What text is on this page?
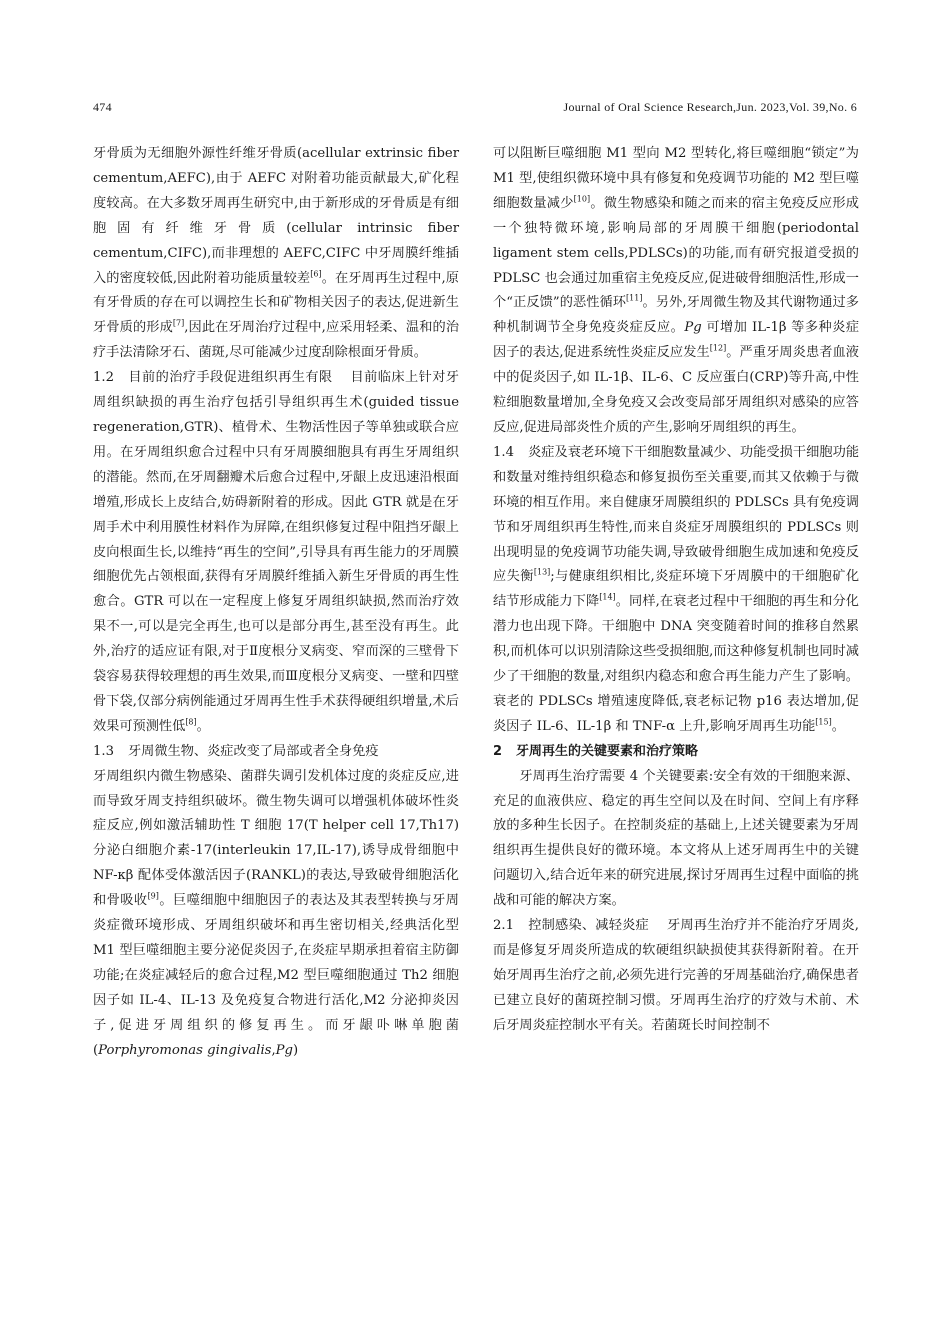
474	Journal of Oral Science Research,Jun. 2023,Vol. 39,No. 6

牙骨质为无细胞外源性纤维牙骨质(acellular extrinsic fiber cementum,AEFC),由于 AEFC 对附着功能贡献最大,矿化程度较高。在大多数牙周再生研究中,由于新形成的牙骨质是有细胞固有纤维牙骨质(cellular intrinsic fiber cementum,CIFC),而非理想的 AEFC,CIFC 中牙周膜纤维插入的密度较低,因此附着功能质量较差[6]。在牙周再生过程中,原有牙骨质的存在可以调控生长和矿物相关因子的表达,促进新生牙骨质的形成[7],因此在牙周治疗过程中,应采用轻柔、温和的治疗手法清除牙石、菌斑,尽可能减少过度刮除根面牙骨质。

1.2 目前的治疗手段促进组织再生有限 目前临床上针对牙周组织缺损的再生治疗包括引导组织再生术(guided tissue regeneration,GTR)、植骨术、生物活性因子等单独或联合应用。在牙周组织愈合过程中只有牙周膜细胞具有再生牙周组织的潜能。然而,在牙周翻瓣术后愈合过程中,牙龈上皮迅速沿根面增殖,形成长上皮结合,妨碍新附着的形成。因此 GTR 就是在牙周手术中利用膜性材料作为屏障,在组织修复过程中阻挡牙龈上皮向根面生长,以维持“再生的空间”,引导具有再生能力的牙周膜细胞优先占领根面,获得有牙周膜纤维插入新生牙骨质的再生性愈合。GTR 可以在一定程度上修复牙周组织缺损,然而治疗效果不一,可以是完全再生,也可以是部分再生,甚至没有再生。此外,治疗的适应证有限,对于Ⅱ度根分叉病变、窄而深的三壁骨下袋容易获得较理想的再生效果,而Ⅲ度根分叉病变、一壁和四壁骨下袋,仅部分病例能通过牙周再生性手术获得硬组织增量,术后效果可预测性低[8]。

1.3 牙周微生物、炎症改变了局部或者全身免疫

牙周组织内微生物感染、菌群失调引发机体过度的炎症反应,进而导致牙周支持组织破坏。微生物失调可以增强机体破坏性炎症反应,例如激活辅助性 T 细胞 17(T helper cell 17,Th17)分泌白细胞介素-17(interleukin 17,IL-17),诱导成骨细胞中 NF-κβ 配体受体激活因子(RANKL)的表达,导致破骨细胞活化和骨吸收[9]。巨噬细胞中细胞因子的表达及其表型转换与牙周炎症微环境形成、牙周组织破坏和再生密切相关,经典活化型 M1 型巨噬细胞主要分泌促炎因子,在炎症早期承担着宿主防御功能;在炎症减轻后的愈合过程,M2 型巨噬细胞通过 Th2 细胞因子如 IL-4、IL-13 及免疫复合物进行活化,M2 分泌抑炎因子,促进牙周组织的修复再生。而牙龈卟啉单胞菌(Porphyromonas gingivalis,Pg)

可以阻断巨噬细胞 M1 型向 M2 型转化,将巨噬细胞“锁定”为 M1 型,使组织微环境中具有修复和免疫调节功能的 M2 型巨噬细胞数量减少[10]。微生物感染和随之而来的宿主免疫反应形成一个独特微环境,影响局部的牙周膜干细胞(periodontal ligament stem cells,PDLSCs)的功能,而有研究报道受损的 PDLSC 也会通过加重宿主免疫反应,促进破骨细胞活性,形成一个“正反馈”的恶性循环[11]。另外,牙周微生物及其代谢物通过多种机制调节全身免疫炎症反应。Pg 可增加 IL-1β 等多种炎症因子的表达,促进系统性炎症反应发生[12]。严重牙周炎患者血液中的促炎因子,如 IL-1β、IL-6、C 反应蛋白(CRP)等升高,中性粒细胞数量增加,全身免疫又会改变局部牙周组织对感染的应答反应,促进局部炎性介质的产生,影响牙周组织的再生。

1.4 炎症及衰老环境下干细胞数量减少、功能受损干细胞功能和数量对维持组织稳态和修复损伤至关重要,而其又依赖于与微环境的相互作用。来自健康牙周膜组织的 PDLSCs 具有免疫调节和牙周组织再生特性,而来自炎症牙周膜组织的 PDLSCs 则出现明显的免疫调节功能失调,导致破骨细胞生成加速和免疫反应失衡[13];与健康组织相比,炎症环境下牙周膜中的干细胞矿化结节形成能力下降[14]。同样,在衰老过程中干细胞的再生和分化潜力也出现下降。干细胞中 DNA 突变随着时间的推移自然累积,而机体可以识别清除这些受损细胞,而这种修复机制也同时减少了干细胞的数量,对组织内稳态和愈合再生能力产生了影响。衰老的 PDLSCs 增殖速度降低,衰老标记物 p16 表达增加,促炎因子 IL-6、IL-1β 和 TNF-α 上升,影响牙周再生功能[15]。

2 牙周再生的关键要素和治疗策略

牙周再生治疗需要 4 个关键要素:安全有效的干细胞来源、充足的血液供应、稳定的再生空间以及在时间、空间上有序释放的多种生长因子。在控制炎症的基础上,上述关键要素为牙周组织再生提供良好的微环境。本文将从上述牙周再生中的关键问题切入,结合近年来的研究进展,探讨牙周再生过程中面临的挑战和可能的解决方案。

2.1 控制感染、减轻炎症 牙周再生治疗并不能治疗牙周炎,而是修复牙周炎所造成的软硬组织缺损使其获得新附着。在开始牙周再生治疗之前,必须先进行完善的牙周基础治疗,确保患者已建立良好的菌斑控制习惯。牙周再生治疗的疗效与术前、术后牙周炎症控制水平有关。若菌斑长时间控制不
